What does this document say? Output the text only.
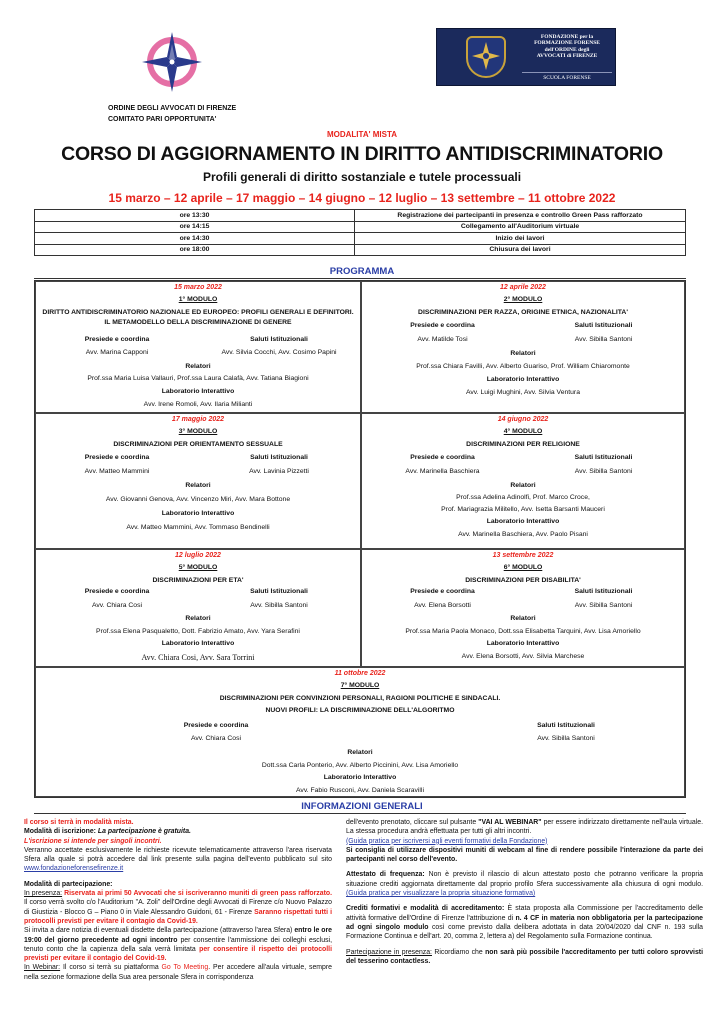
ORDINE DEGLI AVVOCATI DI FIRENZE
COMITATO PARI OPPORTUNITA'
FONDAZIONE per la
FORMAZIONE FORENSE
dell'ORDINE degli
AVVOCATI di FIRENZE
SCUOLA FORENSE
MODALITA' MISTA
CORSO DI AGGIORNAMENTO IN DIRITTO ANTIDISCRIMINATORIO
Profili generali di diritto sostanziale e tutele processuali
15 marzo – 12 aprile – 17 maggio – 14 giugno – 12 luglio – 13 settembre – 11 ottobre 2022
ore 13:30	Registrazione dei partecipanti in presenza e controllo Green Pass rafforzato
ore 14:15	Collegamento all'Auditorium virtuale
ore 14:30	Inizio dei lavori
ore 18:00	Chiusura dei lavori
PROGRAMMA
15 marzo 2022
1° MODULO
DIRITTO ANTIDISCRIMINATORIO NAZIONALE ED EUROPEO: PROFILI GENERALI E DEFINITORI. IL METAMODELLO DELLA DISCRIMINAZIONE DI GENERE
Presiede e coordina	Saluti Istituzionali
Avv. Marina Capponi	Avv. Silvia Cocchi, Avv. Cosimo Papini
Relatori
Prof.ssa Maria Luisa Vallauri, Prof.ssa Laura Calafà, Avv. Tatiana Biagioni
Laboratorio Interattivo
Avv. Irene Romoli, Avv. Ilaria Milianti
12 aprile 2022
2° MODULO
DISCRIMINAZIONI PER RAZZA, ORIGINE ETNICA, NAZIONALITA'
Presiede e coordina	Saluti Istituzionali
Avv. Matilde Tosi	Avv. Sibilla Santoni
Relatori
Prof.ssa Chiara Favilli, Avv. Alberto Guariso, Prof. William Chiaromonte
Laboratorio Interattivo
Avv. Luigi Mughini, Avv. Silvia Ventura
17 maggio 2022
3° MODULO
DISCRIMINAZIONI PER ORIENTAMENTO SESSUALE
Presiede e coordina	Saluti Istituzionali
Avv. Matteo Mammini	Avv. Lavinia Pizzetti
Relatori
Avv. Giovanni Genova, Avv. Vincenzo Miri, Avv. Mara Bottone
Laboratorio Interattivo
Avv. Matteo Mammini, Avv. Tommaso Bendinelli
14 giugno 2022
4° MODULO
DISCRIMINAZIONI PER RELIGIONE
Presiede e coordina	Saluti Istituzionali
Avv. Marinella Baschiera	Avv. Sibilla Santoni
Relatori
Prof.ssa Adelina Adinolfi, Prof. Marco Croce,
Prof. Mariagrazia Militello, Avv. Isetta Barsanti Mauceri
Laboratorio Interattivo
Avv. Marinella Baschiera, Avv. Paolo Pisani
12 luglio 2022
5° MODULO
DISCRIMINAZIONI PER ETA'
Presiede e coordina	Saluti Istituzionali
Avv. Chiara Cosi	Avv. Sibilla Santoni
Relatori
Prof.ssa Elena Pasqualetto, Dott. Fabrizio Amato, Avv. Yara Serafini
Laboratorio Interattivo
Avv. Chiara Cosi, Avv. Sara Torrini
13 settembre 2022
6° MODULO
DISCRIMINAZIONI PER DISABILITA'
Presiede e coordina	Saluti Istituzionali
Avv. Elena Borsotti	Avv. Sibilla Santoni
Relatori
Prof.ssa Maria Paola Monaco, Dott.ssa Elisabetta Tarquini, Avv. Lisa Amoriello
Laboratorio Interattivo
Avv. Elena Borsotti, Avv. Silvia Marchese
11 ottobre 2022
7° MODULO
DISCRIMINAZIONI PER CONVINZIONI PERSONALI, RAGIONI POLITICHE E SINDACALI.
NUOVI PROFILI: LA DISCRIMINAZIONE DELL'ALGORITMO
Presiede e coordina	Saluti Istituzionali
Avv. Chiara Cosi	Avv. Sibilla Santoni
Relatori
Dott.ssa Carla Ponterio, Avv. Alberto Piccinini, Avv. Lisa Amoriello
Laboratorio Interattivo
Avv. Fabio Rusconi, Avv. Daniela Scaravilli
INFORMAZIONI GENERALI

Il corso si terrà in modalità mista.

Modalità di iscrizione: La partecipazione è gratuita.

L'iscrizione si intende per singoli incontri.

Verranno accettate esclusivamente le richieste ricevute telematicamente attraverso l'area riservata Sfera alla quale si potrà accedere dal link presente sulla pagina dell'evento pubblicato sul sito www.fondazioneforensefirenze.it

Modalità di partecipazione:

In presenza: Riservata ai primi 50 Avvocati che si iscriveranno muniti di green pass rafforzato. Il corso verrà svolto c/o l'Auditorium "A. Zoli" dell'Ordine degli Avvocati di Firenze c/o Nuovo Palazzo di Giustizia - Blocco G – Piano 0 in Viale Alessandro Guidoni, 61 - Firenze Saranno rispettati tutti i protocolli previsti per evitare il contagio da Covid-19.

Si invita a dare notizia di eventuali disdette della partecipazione (attraverso l'area Sfera) entro le ore 19:00 del giorno precedente ad ogni incontro per consentire l'ammissione dei colleghi esclusi, tenuto conto che la capienza della sala verrà limitata per consentire il rispetto dei protocolli previsti per evitare il contagio del Covid-19.

In Webinar: Il corso si terrà su piattaforma Go To Meeting. Per accedere all'aula virtuale, sempre nella sezione formazione della Sua area personale Sfera in corrispondenza

dell'evento prenotato, cliccare sul pulsante "VAI AL WEBINAR" per essere indirizzato direttamente nell'aula virtuale. La stessa procedura andrà effettuata per tutti gli altri incontri.

(Guida pratica per iscriversi agli eventi formativi della Fondazione)

Si consiglia di utilizzare dispositivi muniti di webcam al fine di rendere possibile l'interazione da parte dei partecipanti nel corso dell'evento.

Attestato di frequenza: Non è previsto il rilascio di alcun attestato posto che potranno verificare la propria situazione crediti aggiornata direttamente dal proprio profilo Sfera successivamente alla chiusura di ogni modulo. (Guida pratica per visualizzare la propria situazione formativa)

Crediti formativi e modalità di accreditamento: È stata proposta alla Commissione per l'accreditamento delle attività formative dell'Ordine di Firenze l'attribuzione di n. 4 CF in materia non obbligatoria per la partecipazione ad ogni singolo modulo così come previsto dalla delibera adottata in data 20/04/2020 dal CNF n. 193 sulla Formazione Continua e dell'art. 20, comma 2, lettera a) del Regolamento sulla Formazione continua.

Partecipazione in presenza: Ricordiamo che non sarà più possibile l'accreditamento per tutti coloro sprovvisti del tesserino contactless.
